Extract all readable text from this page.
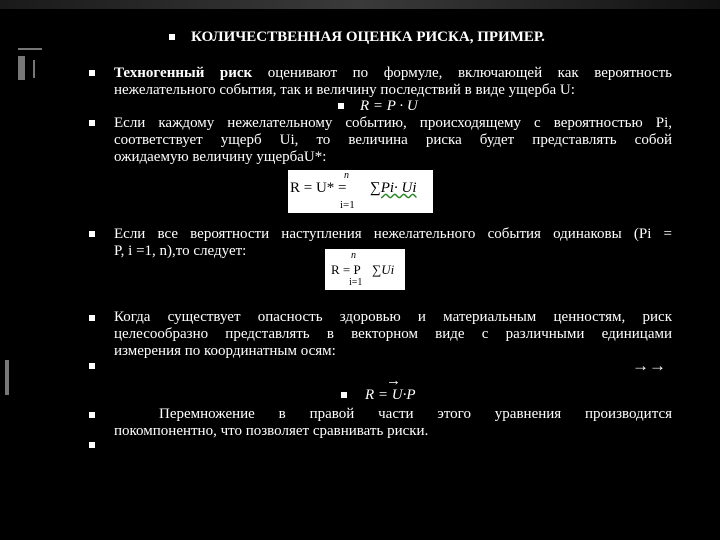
КОЛИЧЕСТВЕННАЯ ОЦЕНКА РИСКА, ПРИМЕР.
Техногенный риск оценивают по формуле, включающей как вероятность
нежелательного события, так и величину последствий в виде ущерба U:
R = P · U
Если каждому нежелательному событию, происходящему с вероятностью Pi,
соответствует ущерб Ui, то величина риска будет представлять собой
ожидаемую величину ущербаU*:
n
R = U* = ∑Pi· Ui
i=1
Если все вероятности наступления нежелательного события одинаковы (Pi =
P, i =1, n),то следует:	n
R = P ∑Ui
i=1
Когда существует опасность здоровью и материальным ценностям, риск
целесообразно представлять в векторном виде с различными единицами
измерения по координатным осям:
→→
→
R = U·P
Перемножение в правой части этого уравнения производится
покомпонентно, что позволяет сравнивать риски.
